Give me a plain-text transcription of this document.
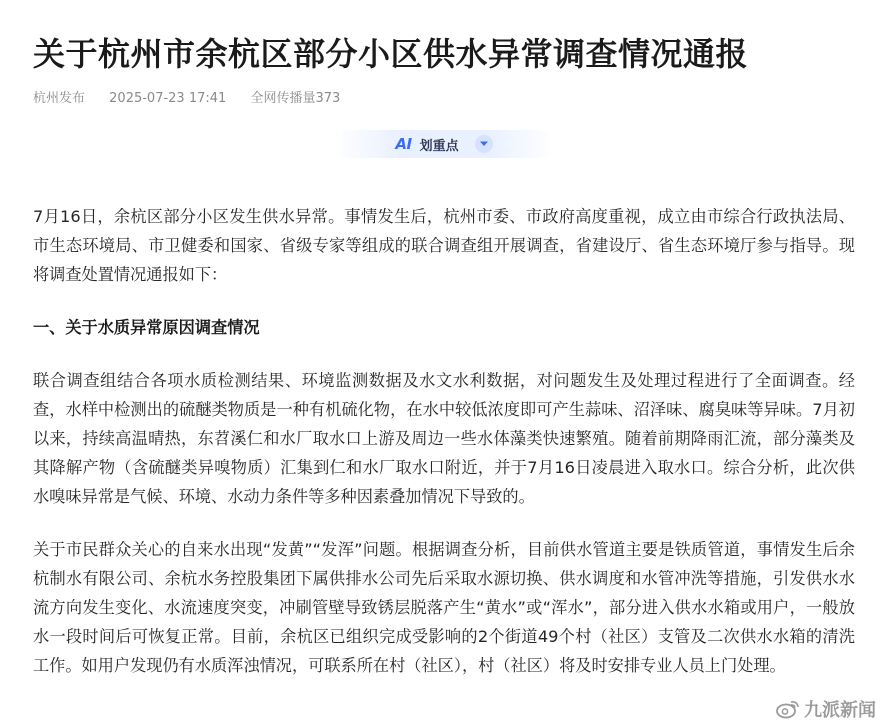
关于杭州市余杭区部分小区供水异常调查情况通报
杭州发布 2025-07-23 17:41 全网传播量373
AI 划重点

7月16日，余杭区部分小区发生供水异常。事情发生后，杭州市委、市政府高度重视，成立由市综合行政执法局、市生态环境局、市卫健委和国家、省级专家等组成的联合调查组开展调查，省建设厅、省生态环境厅参与指导。现将调查处置情况通报如下：

一、关于水质异常原因调查情况

联合调查组结合各项水质检测结果、环境监测数据及水文水利数据，对问题发生及处理过程进行了全面调查。经查，水样中检测出的硫醚类物质是一种有机硫化物，在水中较低浓度即可产生蒜味、沼泽味、腐臭味等异味。7月初以来，持续高温晴热，东苕溪仁和水厂取水口上游及周边一些水体藻类快速繁殖。随着前期降雨汇流，部分藻类及其降解产物（含硫醚类异嗅物质）汇集到仁和水厂取水口附近，并于7月16日凌晨进入取水口。综合分析，此次供水嗅味异常是气候、环境、水动力条件等多种因素叠加情况下导致的。

关于市民群众关心的自来水出现“发黄”“发浑”问题。根据调查分析，目前供水管道主要是铁质管道，事情发生后余杭制水有限公司、余杭水务控股集团下属供排水公司先后采取水源切换、供水调度和水管冲洗等措施，引发供水水流方向发生变化、水流速度突变，冲刷管壁导致锈层脱落产生“黄水”或“浑水”，部分进入供水水箱或用户，一般放水一段时间后可恢复正常。目前，余杭区已组织完成受影响的2个街道49个村（社区）支管及二次供水水箱的清洗工作。如用户发现仍有水质浑浊情况，可联系所在村（社区），村（社区）将及时安排专业人员上门处理。

九派新闻
